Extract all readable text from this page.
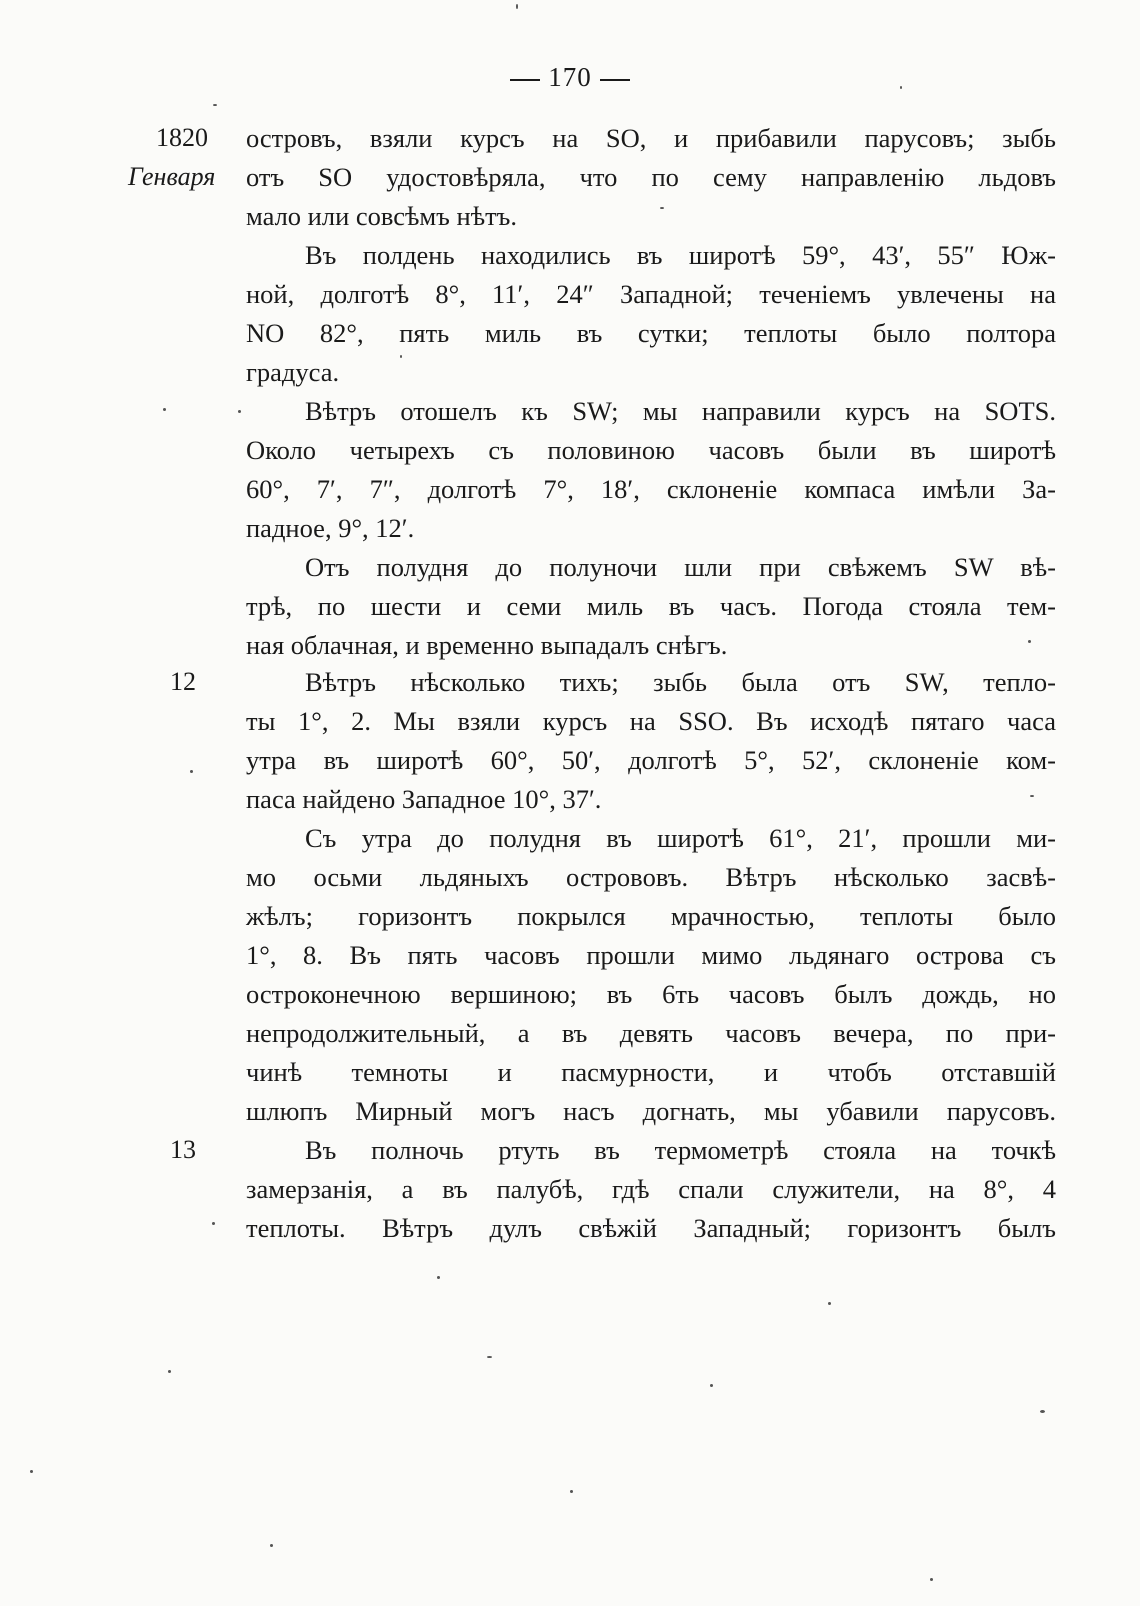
170
1820
Генваря
12
13
островъ, взяли курсъ на SO, и прибавили парусовъ; зыбь
отъ SO удостовѣряла, что по сему направленію льдовъ
мало или совсѣмъ нѣтъ.
Въ полдень находились въ широтѣ 59°, 43′, 55″ Юж-
ной, долготѣ 8°, 11′, 24″ Западной; теченіемъ увлечены на
NO 82°, пять миль въ сутки; теплоты было полтора
градуса.
Вѣтръ отошелъ къ SW; мы направили курсъ на SOTS.
Около четырехъ съ половиною часовъ были въ широтѣ
60°, 7′, 7″, долготѣ 7°, 18′, склоненіе компаса имѣли За-
падное, 9°, 12′.
Отъ полудня до полуночи шли при свѣжемъ SW вѣ-
трѣ, по шести и семи миль въ часъ. Погода стояла тем-
ная облачная, и временно выпадалъ снѣгъ.
Вѣтръ нѣсколько тихъ; зыбь была отъ SW, тепло-
ты 1°, 2. Мы взяли курсъ на SSO. Въ исходѣ пятаго часа
утра въ широтѣ 60°, 50′, долготѣ 5°, 52′, склоненіе ком-
паса найдено Западное 10°, 37′.
Съ утра до полудня въ широтѣ 61°, 21′, прошли ми-
мо осьми льдяныхъ островoвъ. Вѣтръ нѣсколько засвѣ-
жѣлъ; горизонтъ покрылся мрачностью, теплоты было
1°, 8. Въ пять часовъ прошли мимо льдянаго острова съ
остроконечною вершиною; въ 6ть часовъ былъ дождь, но
непродолжительный, а въ девять часовъ вечера, по при-
чинѣ темноты и пасмурности, и чтобъ отставшій
шлюпъ Мирный могъ насъ догнать, мы убавили парусовъ.
Въ полночь ртуть въ термометрѣ стояла на точкѣ
замерзанія, а въ палубѣ, гдѣ спали служители, на 8°, 4
теплоты. Вѣтръ дулъ свѣжій Западный; горизонтъ былъ
